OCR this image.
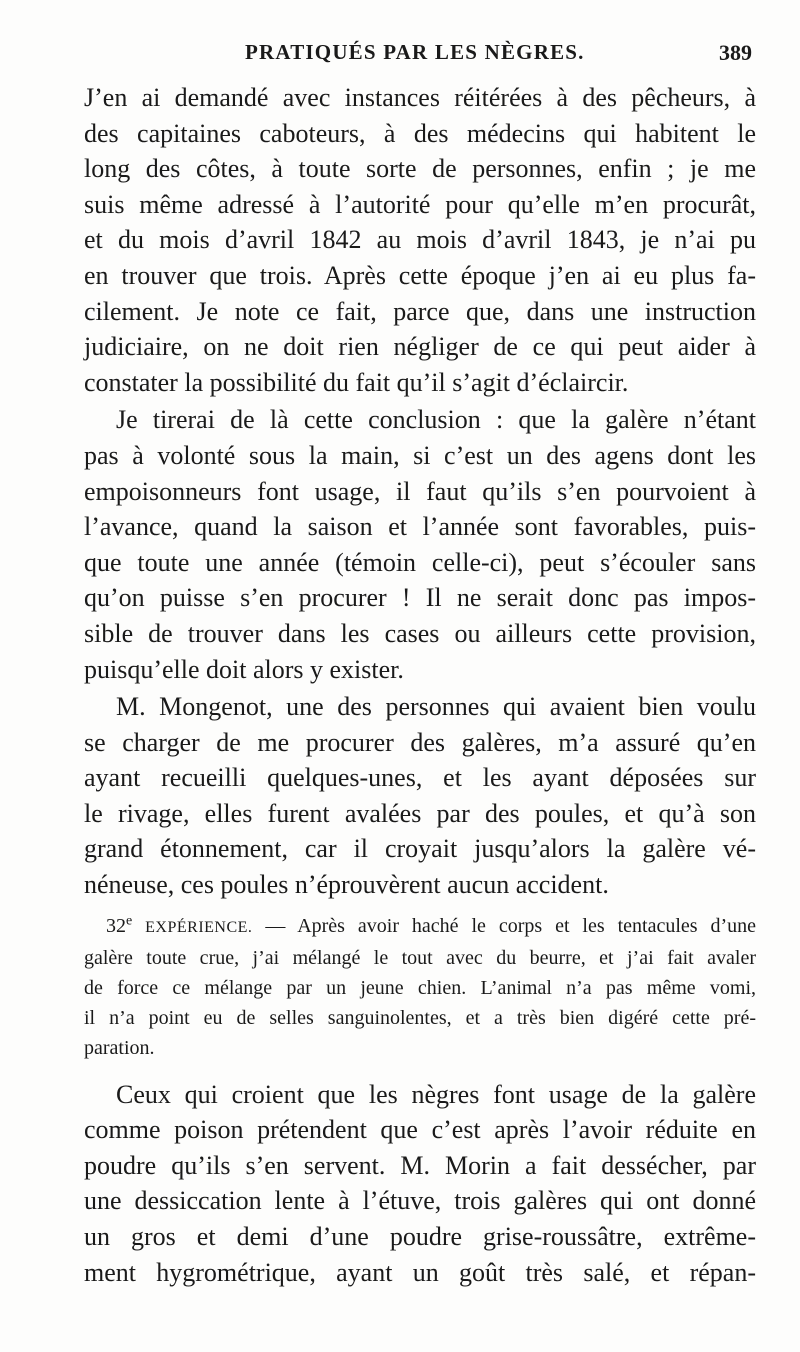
PRATIQUÉS PAR LES NÈGRES.	389
J’en ai demandé avec instances réitérées à des pêcheurs, à
des capitaines caboteurs, à des médecins qui habitent le
long des côtes, à toute sorte de personnes, enfin ; je me
suis même adressé à l’autorité pour qu’elle m’en procurât,
et du mois d’avril 1842 au mois d’avril 1843, je n’ai pu
en trouver que trois. Après cette époque j’en ai eu plus fa-
cilement. Je note ce fait, parce que, dans une instruction
judiciaire, on ne doit rien négliger de ce qui peut aider à
constater la possibilité du fait qu’il s’agit d’éclaircir.
Je tirerai de là cette conclusion : que la galère n’étant
pas à volonté sous la main, si c’est un des agens dont les
empoisonneurs font usage, il faut qu’ils s’en pourvoient à
l’avance, quand la saison et l’année sont favorables, puis-
que toute une année (témoin celle-ci), peut s’écouler sans
qu’on puisse s’en procurer ! Il ne serait donc pas impos-
sible de trouver dans les cases ou ailleurs cette provision,
puisqu’elle doit alors y exister.
M. Mongenot, une des personnes qui avaient bien voulu
se charger de me procurer des galères, m’a assuré qu’en
ayant recueilli quelques-unes, et les ayant déposées sur
le rivage, elles furent avalées par des poules, et qu’à son
grand étonnement, car il croyait jusqu’alors la galère vé-
néneuse, ces poules n’éprouvèrent aucun accident.
32e EXPÉRIENCE. — Après avoir haché le corps et les tentacules d’une
galère toute crue, j’ai mélangé le tout avec du beurre, et j’ai fait avaler
de force ce mélange par un jeune chien. L’animal n’a pas même vomi,
il n’a point eu de selles sanguinolentes, et a très bien digéré cette pré-
paration.
Ceux qui croient que les nègres font usage de la galère
comme poison prétendent que c’est après l’avoir réduite en
poudre qu’ils s’en servent. M. Morin a fait dessécher, par
une dessiccation lente à l’étuve, trois galères qui ont donné
un gros et demi d’une poudre grise-roussâtre, extrême-
ment hygrométrique, ayant un goût très salé, et répan-
